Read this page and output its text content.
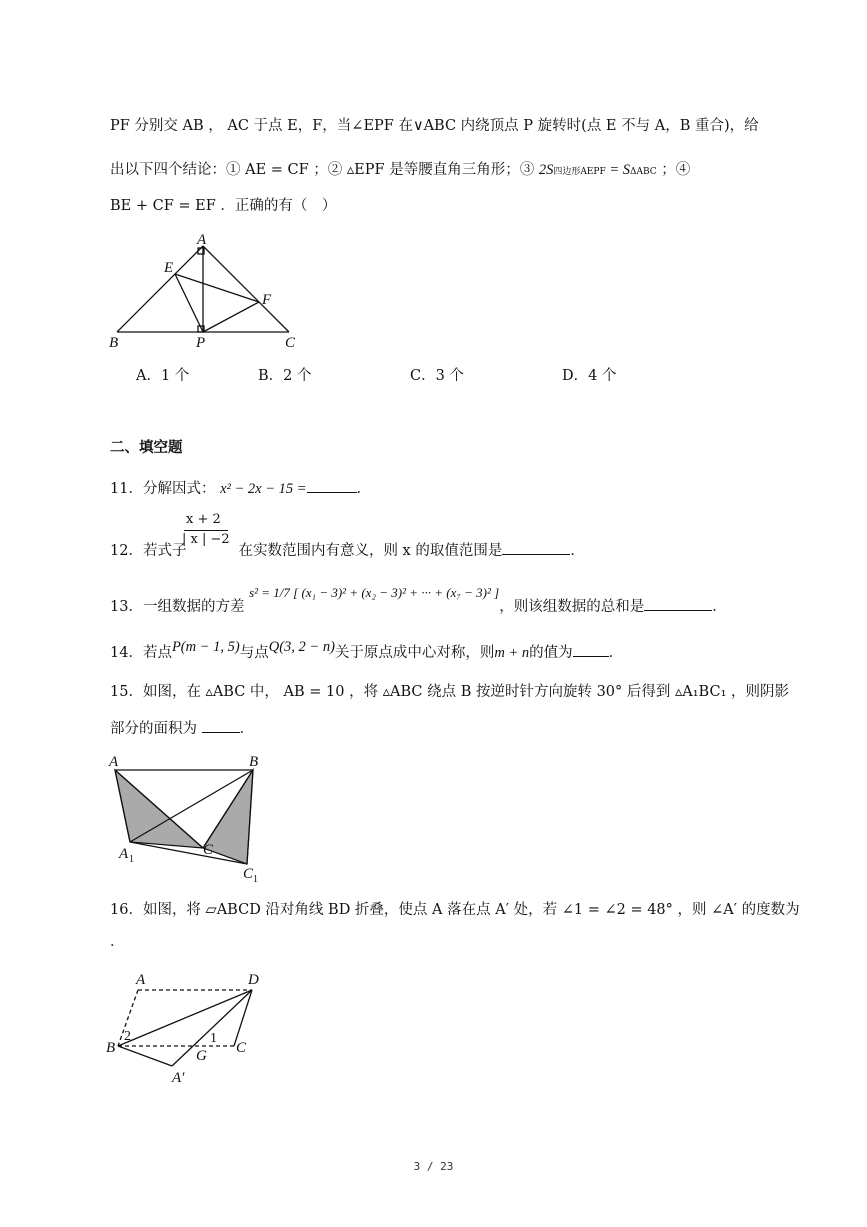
PF 分别交 AB ， AC 于点 E，F，当∠EPF 在∨ABC 内绕顶点 P 旋转时(点 E 不与 A，B 重合)，给
出以下四个结论：① AE = CF ；② ▵EPF 是等腰直角三角形；③ 2S四边形AEPF = SΔABC ；④
BE + CF = EF ．正确的有（　）
A
E
F
B	P	C
A．1 个	B．2 个	C．3 个	D．4 个
二、填空题
11．分解因式： x² − 2x − 15 =	．
x + 2
| x | −2
12．若式子	在实数范围内有意义，则 x 的取值范围是	．
13．一组数据的方差 s² = 1/7 [ (x₁ − 3)² + (x₂ − 3)² + ··· + (x₇ − 3)² ]，则该组数据的总和是	．
14．若点P(m − 1, 5)与点Q(3, 2 − n)关于原点成中心对称，则m + n的值为 ．
15．如图，在 ▵ABC 中， AB = 10 ，将 ▵ABC 绕点 B 按逆时针方向旋转 30° 后得到 ▵A₁BC₁ ，则阴影
部分的面积为	．
A	B
A 1
C
C 1
16．如图，将 ▱ABCD 沿对角线 BD 折叠，使点 A 落在点 A′ 处，若 ∠1 = ∠2 = 48° ，则 ∠A′ 的度数为
．
A	D
2	1
B	G C
A′
3 / 23
